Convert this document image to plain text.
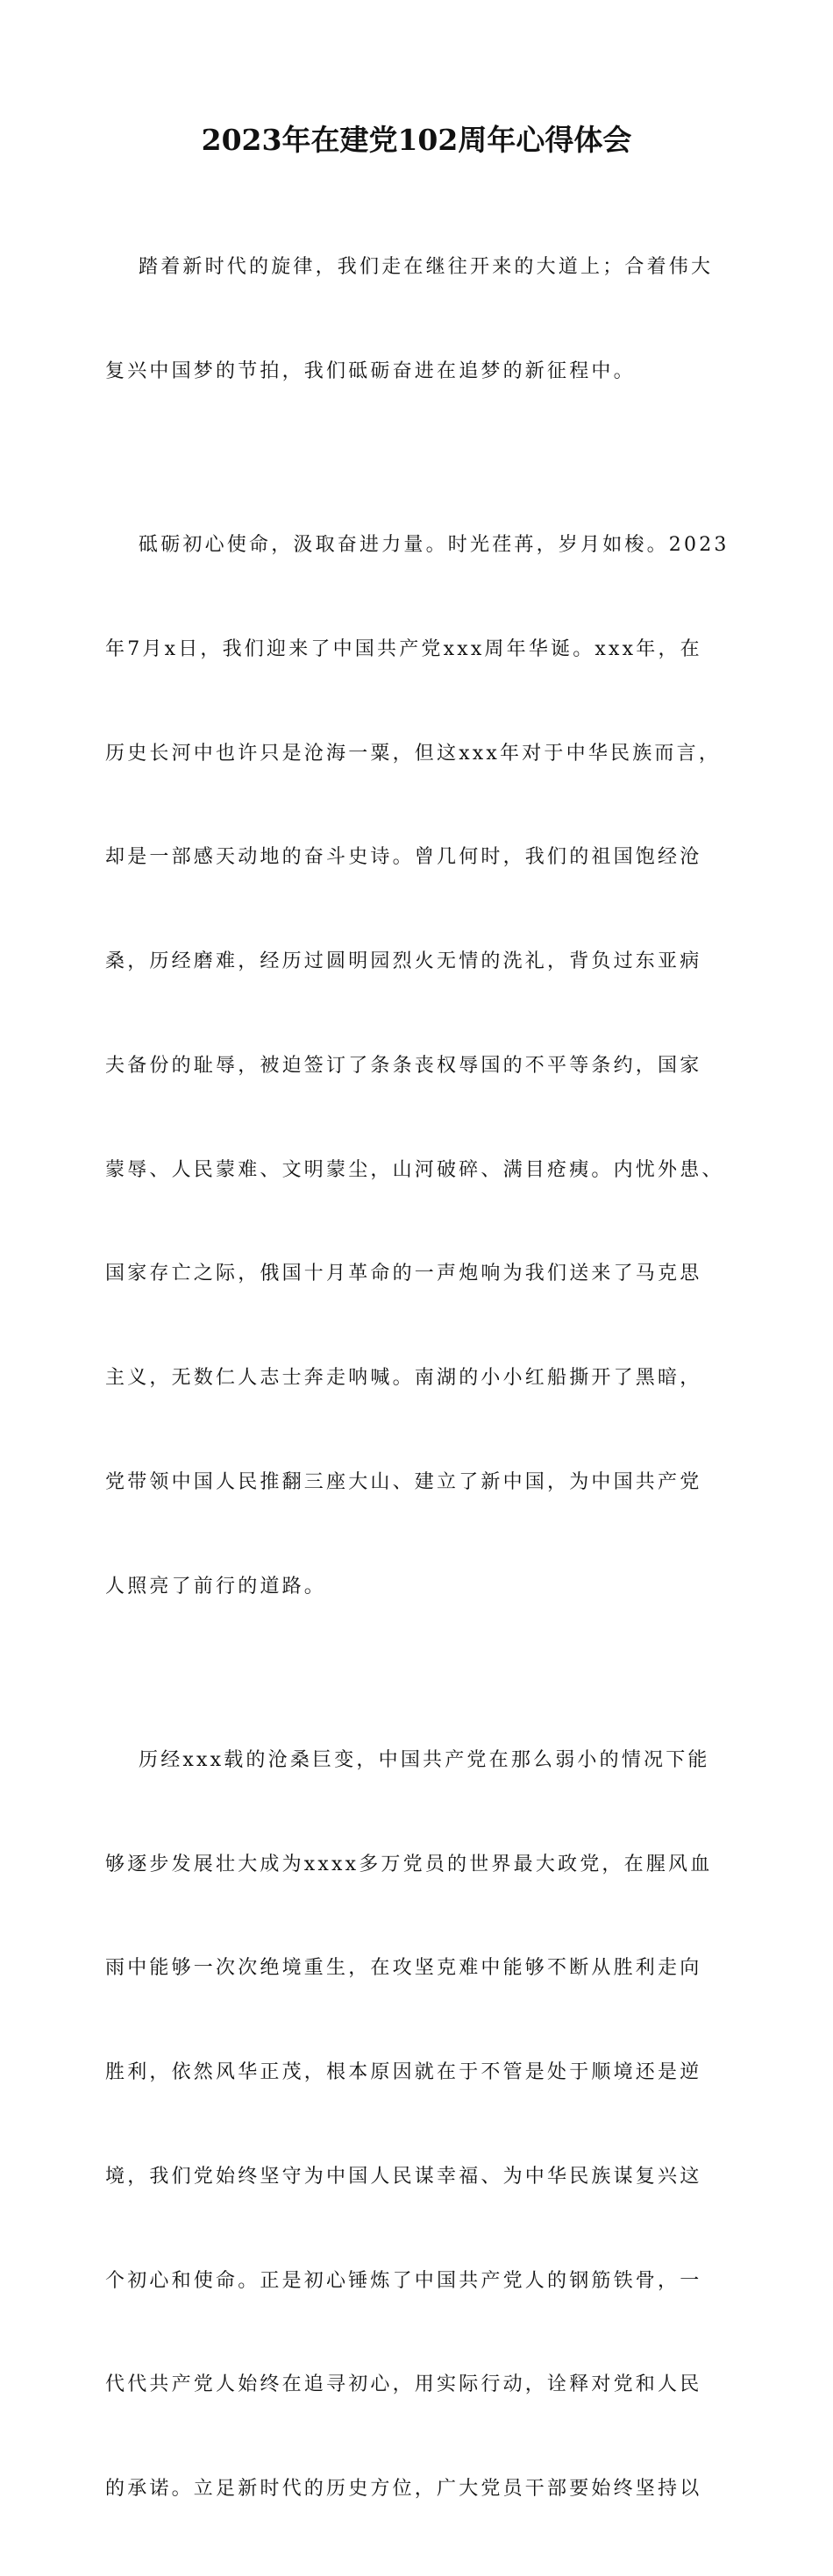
2023年在建党102周年心得体会

踏着新时代的旋律，我们走在继往开来的大道上；合着伟大

复兴中国梦的节拍，我们砥砺奋进在追梦的新征程中。

砥砺初心使命，汲取奋进力量。时光荏苒，岁月如梭。2023

年7月x日，我们迎来了中国共产党xxx周年华诞。xxx年，在

历史长河中也许只是沧海一粟，但这xxx年对于中华民族而言，

却是一部感天动地的奋斗史诗。曾几何时，我们的祖国饱经沧

桑，历经磨难，经历过圆明园烈火无情的洗礼，背负过东亚病

夫备份的耻辱，被迫签订了条条丧权辱国的不平等条约，国家

蒙辱、人民蒙难、文明蒙尘，山河破碎、满目疮痍。内忧外患、

国家存亡之际，俄国十月革命的一声炮响为我们送来了马克思

主义，无数仁人志士奔走呐喊。南湖的小小红船撕开了黑暗，

党带领中国人民推翻三座大山、建立了新中国，为中国共产党

人照亮了前行的道路。

历经xxx载的沧桑巨变，中国共产党在那么弱小的情况下能

够逐步发展壮大成为xxxx多万党员的世界最大政党，在腥风血

雨中能够一次次绝境重生，在攻坚克难中能够不断从胜利走向

胜利，依然风华正茂，根本原因就在于不管是处于顺境还是逆

境，我们党始终坚守为中国人民谋幸福、为中华民族谋复兴这

个初心和使命。正是初心锤炼了中国共产党人的钢筋铁骨，一

代代共产党人始终在追寻初心，用实际行动，诠释对党和人民

的承诺。立足新时代的历史方位，广大党员干部要始终坚持以
